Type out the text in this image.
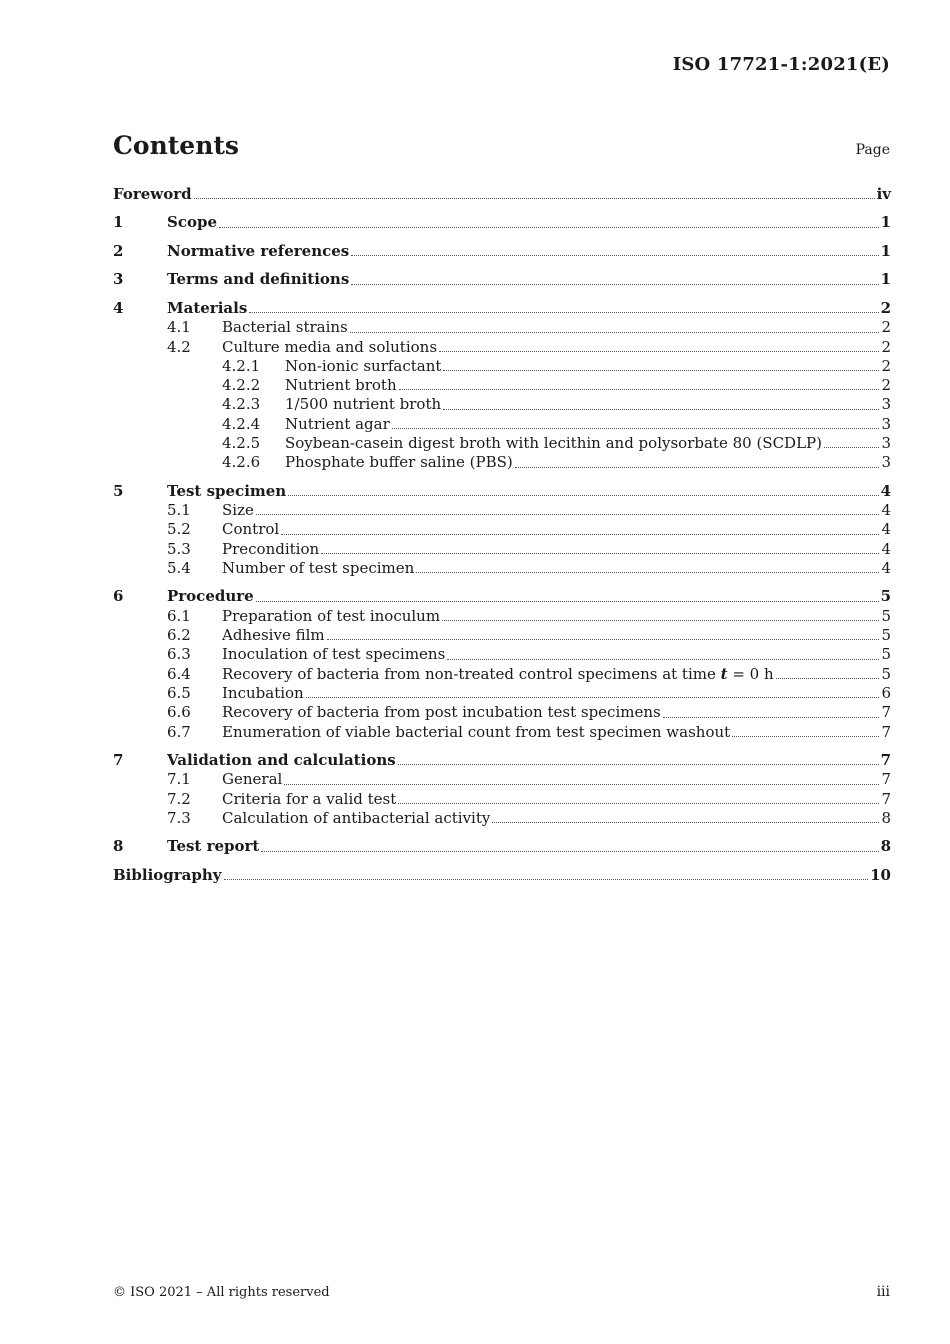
ISO 17721-1:2021(E)
Contents	Page
Foreword	iv
1	Scope	1
2	Normative references	1
3	Terms and definitions	1
4	Materials	2
4.1	Bacterial strains	2
4.2	Culture media and solutions	2
4.2.1	Non-ionic surfactant	2
4.2.2	Nutrient broth	2
4.2.3	1/500 nutrient broth	3
4.2.4	Nutrient agar	3
4.2.5	Soybean-casein digest broth with lecithin and polysorbate 80 (SCDLP)	3
4.2.6	Phosphate buffer saline (PBS)	3
5	Test specimen	4
5.1	Size	4
5.2	Control	4
5.3	Precondition	4
5.4	Number of test specimen	4
6	Procedure	5
6.1	Preparation of test inoculum	5
6.2	Adhesive film	5
6.3	Inoculation of test specimens	5
6.4	Recovery of bacteria from non-treated control specimens at time t = 0 h	5
6.5	Incubation	6
6.6	Recovery of bacteria from post incubation test specimens	7
6.7	Enumeration of viable bacterial count from test specimen washout	7
7	Validation and calculations	7
7.1	General	7
7.2	Criteria for a valid test	7
7.3	Calculation of antibacterial activity	8
8	Test report	8
Bibliography	10
© ISO 2021 – All rights reserved	iii
